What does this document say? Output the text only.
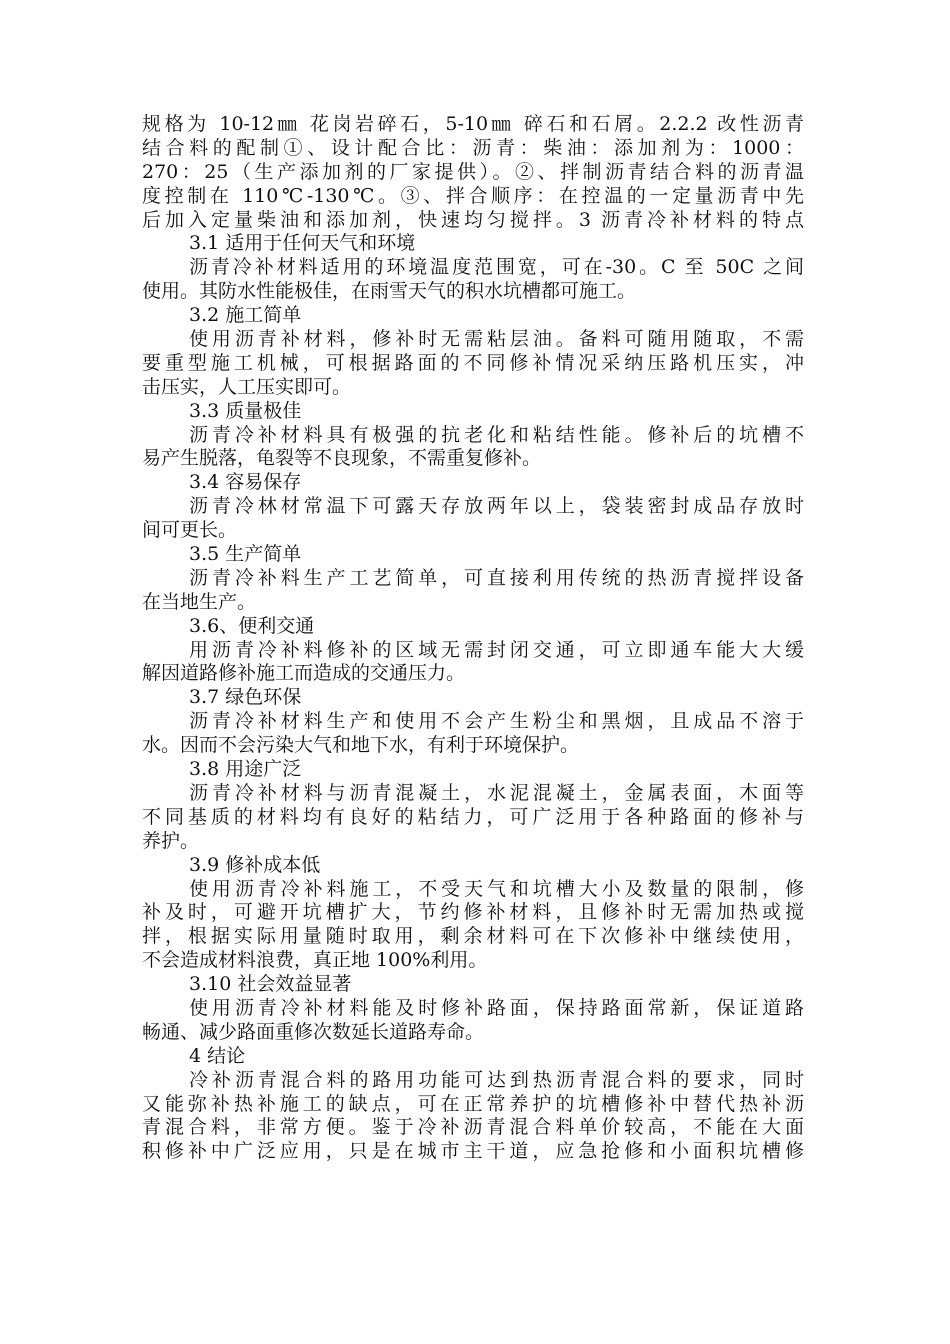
规格为 10-12㎜ 花岗岩碎石，5-10㎜ 碎石和石屑。2.2.2 改性沥青
结合料的配制①、设计配合比：沥青：柴油：添加剂为：1000：
270：25（生产添加剂的厂家提供）。②、拌制沥青结合料的沥青温
度控制在 110℃-130℃。③、拌合顺序：在控温的一定量沥青中先
后加入定量柴油和添加剂，快速均匀搅拌。3 沥青冷补材料的特点
3.1 适用于任何天气和环境
沥青冷补材料适用的环境温度范围宽，可在-30。C 至 50C 之间
使用。其防水性能极佳，在雨雪天气的积水坑槽都可施工。
3.2 施工简单
使用沥青补材料，修补时无需粘层油。备料可随用随取，不需
要重型施工机械，可根据路面的不同修补情况采纳压路机压实，冲
击压实，人工压实即可。
3.3 质量极佳
沥青冷补材料具有极强的抗老化和粘结性能。修补后的坑槽不
易产生脱落，龟裂等不良现象，不需重复修补。
3.4 容易保存
沥青冷林材常温下可露天存放两年以上，袋装密封成品存放时
间可更长。
3.5 生产简单
沥青冷补料生产工艺简单，可直接利用传统的热沥青搅拌设备
在当地生产。
3.6、便利交通
用沥青冷补料修补的区域无需封闭交通，可立即通车能大大缓
解因道路修补施工而造成的交通压力。
3.7 绿色环保
沥青冷补材料生产和使用不会产生粉尘和黑烟，且成品不溶于
水。因而不会污染大气和地下水，有利于环境保护。
3.8 用途广泛
沥青冷补材料与沥青混凝土，水泥混凝土，金属表面，木面等
不同基质的材料均有良好的粘结力，可广泛用于各种路面的修补与
养护。
3.9 修补成本低
使用沥青冷补料施工，不受天气和坑槽大小及数量的限制，修
补及时，可避开坑槽扩大，节约修补材料，且修补时无需加热或搅
拌，根据实际用量随时取用，剩余材料可在下次修补中继续使用，
不会造成材料浪费，真正地 100%利用。
3.10 社会效益显著
使用沥青冷补材料能及时修补路面，保持路面常新，保证道路
畅通、减少路面重修次数延长道路寿命。
4 结论
冷补沥青混合料的路用功能可达到热沥青混合料的要求，同时
又能弥补热补施工的缺点，可在正常养护的坑槽修补中替代热补沥
青混合料，非常方便。鉴于冷补沥青混合料单价较高，不能在大面
积修补中广泛应用，只是在城市主干道，应急抢修和小面积坑槽修
